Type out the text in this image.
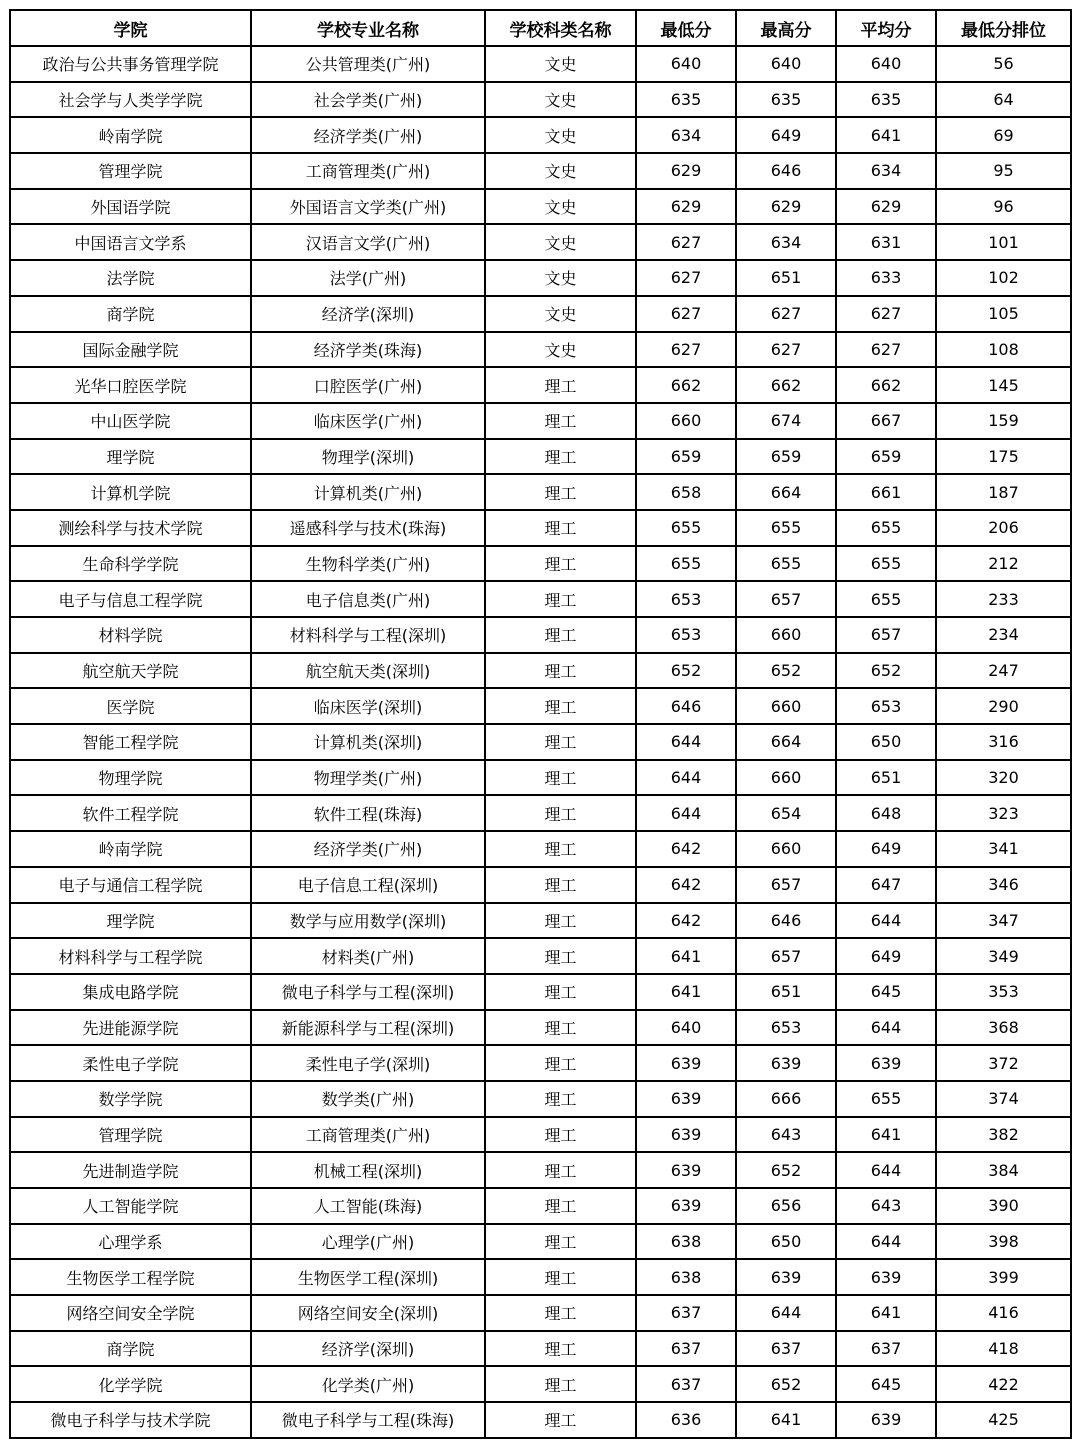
学院	学校专业名称	学校科类名称	最低分	最高分	平均分	最低分排位
政治与公共事务管理学院	公共管理类(广州)	文史	640	640	640	56
社会学与人类学学院	社会学类(广州)	文史	635	635	635	64
岭南学院	经济学类(广州)	文史	634	649	641	69
管理学院	工商管理类(广州)	文史	629	646	634	95
外国语学院	外国语言文学类(广州)	文史	629	629	629	96
中国语言文学系	汉语言文学(广州)	文史	627	634	631	101
法学院	法学(广州)	文史	627	651	633	102
商学院	经济学(深圳)	文史	627	627	627	105
国际金融学院	经济学类(珠海)	文史	627	627	627	108
光华口腔医学院	口腔医学(广州)	理工	662	662	662	145
中山医学院	临床医学(广州)	理工	660	674	667	159
理学院	物理学(深圳)	理工	659	659	659	175
计算机学院	计算机类(广州)	理工	658	664	661	187
测绘科学与技术学院	遥感科学与技术(珠海)	理工	655	655	655	206
生命科学学院	生物科学类(广州)	理工	655	655	655	212
电子与信息工程学院	电子信息类(广州)	理工	653	657	655	233
材料学院	材料科学与工程(深圳)	理工	653	660	657	234
航空航天学院	航空航天类(深圳)	理工	652	652	652	247
医学院	临床医学(深圳)	理工	646	660	653	290
智能工程学院	计算机类(深圳)	理工	644	664	650	316
物理学院	物理学类(广州)	理工	644	660	651	320
软件工程学院	软件工程(珠海)	理工	644	654	648	323
岭南学院	经济学类(广州)	理工	642	660	649	341
电子与通信工程学院	电子信息工程(深圳)	理工	642	657	647	346
理学院	数学与应用数学(深圳)	理工	642	646	644	347
材料科学与工程学院	材料类(广州)	理工	641	657	649	349
集成电路学院	微电子科学与工程(深圳)	理工	641	651	645	353
先进能源学院	新能源科学与工程(深圳)	理工	640	653	644	368
柔性电子学院	柔性电子学(深圳)	理工	639	639	639	372
数学学院	数学类(广州)	理工	639	666	655	374
管理学院	工商管理类(广州)	理工	639	643	641	382
先进制造学院	机械工程(深圳)	理工	639	652	644	384
人工智能学院	人工智能(珠海)	理工	639	656	643	390
心理学系	心理学(广州)	理工	638	650	644	398
生物医学工程学院	生物医学工程(深圳)	理工	638	639	639	399
网络空间安全学院	网络空间安全(深圳)	理工	637	644	641	416
商学院	经济学(深圳)	理工	637	637	637	418
化学学院	化学类(广州)	理工	637	652	645	422
微电子科学与技术学院	微电子科学与工程(珠海)	理工	636	641	639	425
